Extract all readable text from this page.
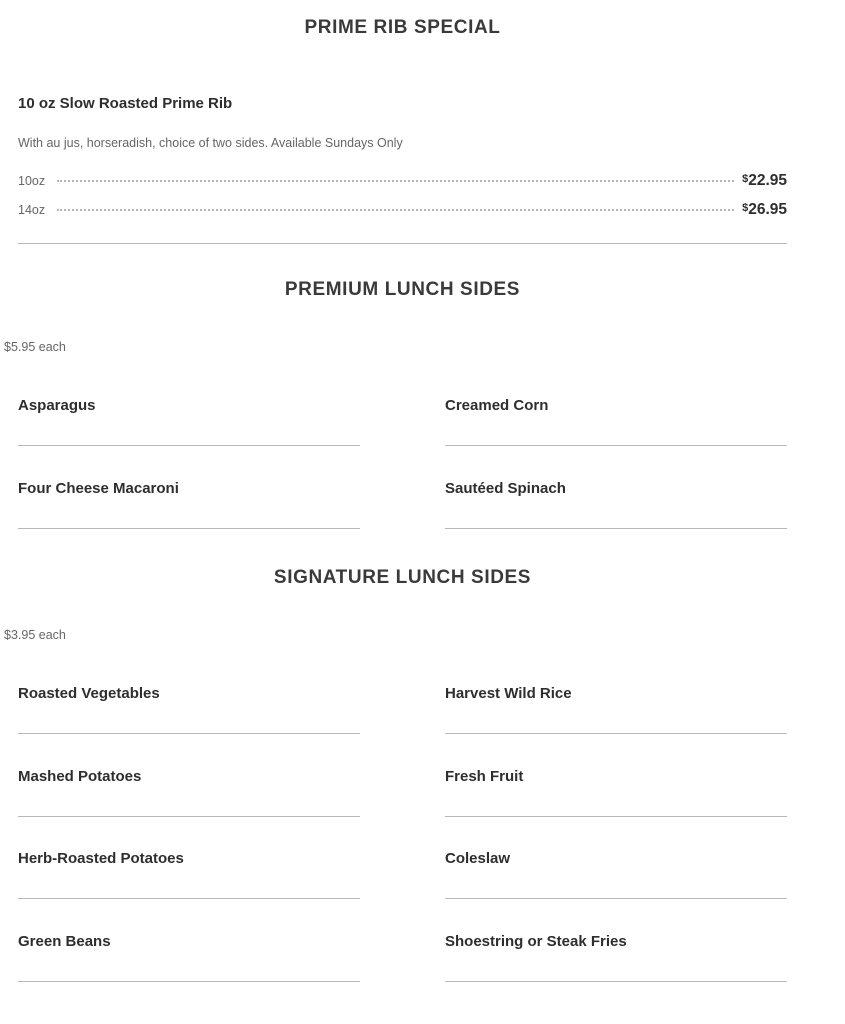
PRIME RIB SPECIAL
10 oz Slow Roasted Prime Rib

With au jus, horseradish, choice of two sides. Available Sundays Only

10oz	$22.95
14oz	$26.95
PREMIUM LUNCH SIDES

$5.95 each

Asparagus	Creamed Corn
Four Cheese Macaroni	Sautéed Spinach
SIGNATURE LUNCH SIDES

$3.95 each

Roasted Vegetables	Harvest Wild Rice
Mashed Potatoes	Fresh Fruit
Herb-Roasted Potatoes	Coleslaw
Green Beans	Shoestring or Steak Fries
